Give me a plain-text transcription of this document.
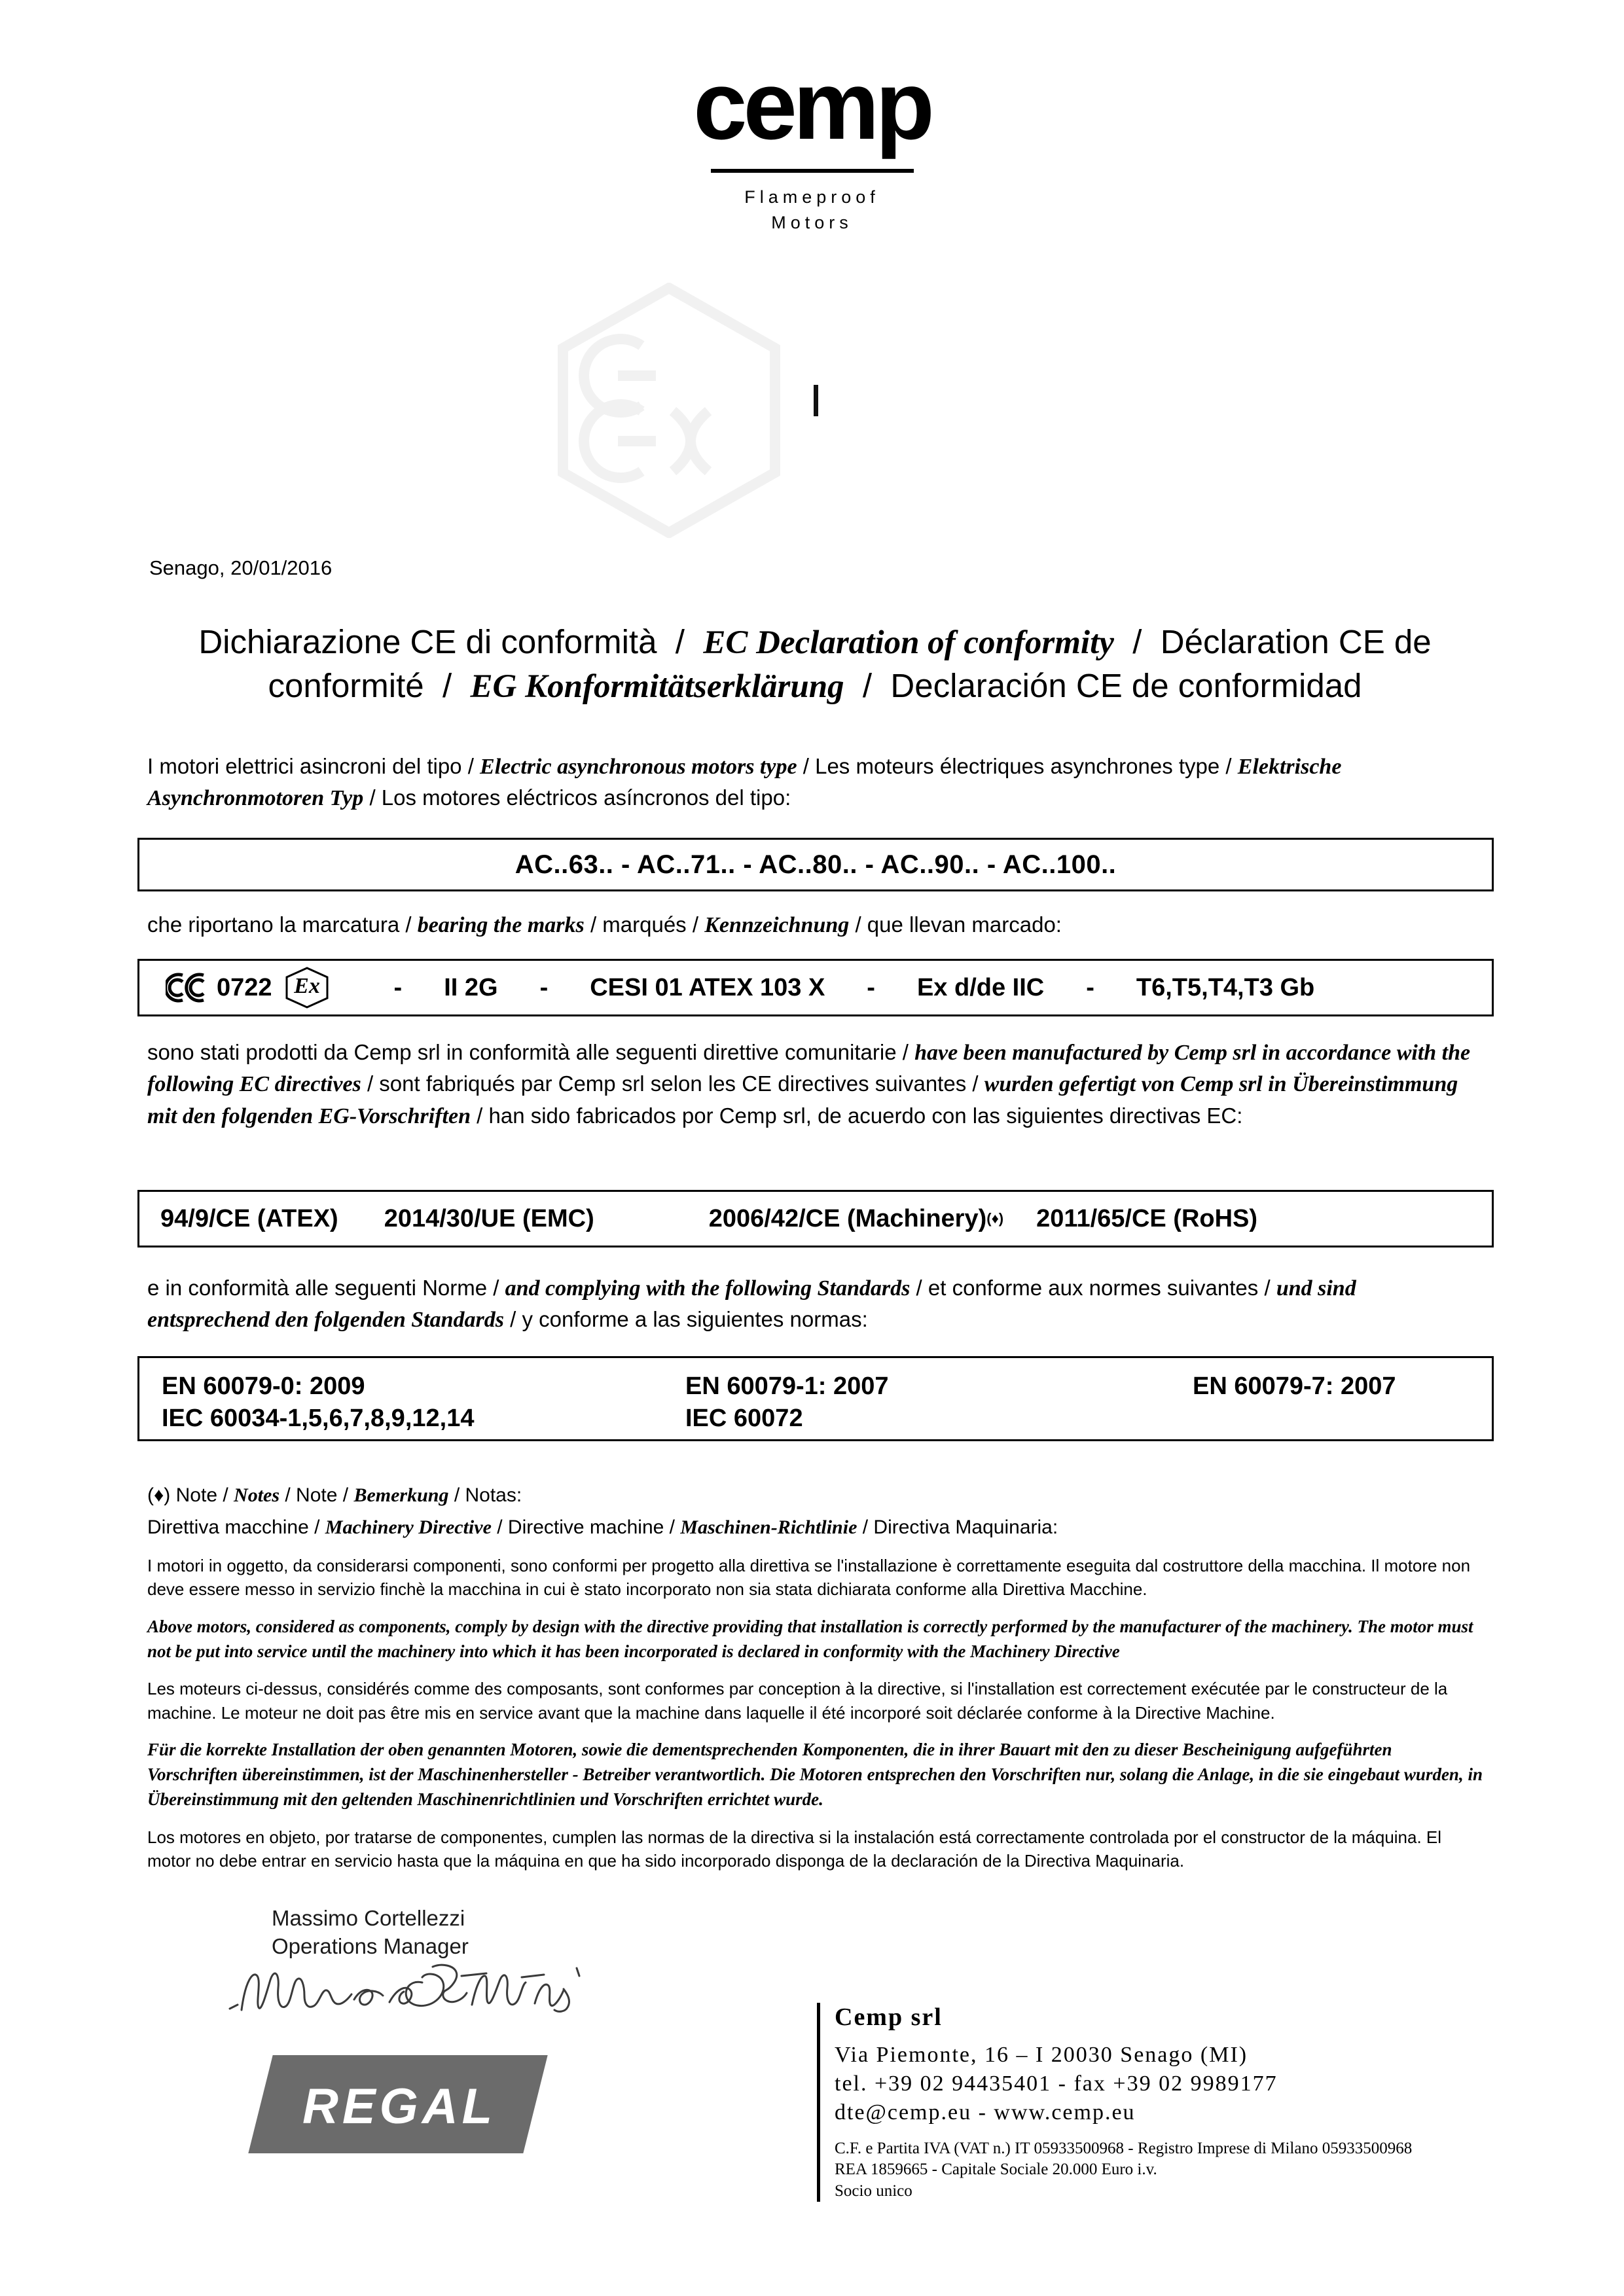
cemp
Flameproof
Motors
Senago, 20/01/2016
Dichiarazione CE di conformità  /  EC Declaration of conformity  /  Déclaration CE de conformité  /  EG Konformitätserklärung  /  Declaración CE de conformidad
I motori elettrici asincroni del tipo / Electric asynchronous motors type / Les moteurs électriques asynchrones type / Elektrische Asynchronmotoren Typ / Los motores eléctricos asíncronos del tipo:
AC..63.. - AC..71.. - AC..80.. - AC..90.. - AC..100..
che riportano la marcatura / bearing the marks / marqués / Kennzeichnung / que llevan marcado:
0722 Ex	- II 2G - CESI 01 ATEX 103 X - Ex d/de IIC - T6,T5,T4,T3 Gb
sono stati prodotti da Cemp srl in conformità alle seguenti direttive comunitarie / have been manufactured by Cemp srl in accordance with the following EC directives / sont fabriqués par Cemp srl selon les CE directives suivantes / wurden gefertigt von Cemp srl in Übereinstimmung mit den folgenden EG-Vorschriften / han sido fabricados por Cemp srl, de acuerdo con las siguientes directivas EC:
94/9/CE (ATEX) 2014/30/UE (EMC)	2006/42/CE (Machinery) (♦) 2011/65/CE (RoHS)
e in conformità alle seguenti Norme / and complying with the following Standards / et conforme aux normes suivantes / und sind entsprechend den folgenden Standards / y conforme a las siguientes normas:
EN 60079-0: 2009	EN 60079-1: 2007	EN 60079-7: 2007
IEC 60034-1,5,6,7,8,9,12,14	IEC 60072
(♦) Note / Notes / Note / Bemerkung / Notas:
Direttiva macchine / Machinery Directive / Directive machine / Maschinen-Richtlinie / Directiva Maquinaria:

I motori in oggetto, da considerarsi componenti, sono conformi per progetto alla direttiva se l'installazione è correttamente eseguita dal costruttore della macchina. Il motore non deve essere messo in servizio finchè la macchina in cui è stato incorporato non sia stata dichiarata conforme alla Direttiva Macchine.

Above motors, considered as components, comply by design with the directive providing that installation is correctly performed by the manufacturer of the machinery. The motor must not be put into service until the machinery into which it has been incorporated is declared in conformity with the Machinery Directive

Les moteurs ci-dessus, considérés comme des composants, sont conformes par conception à la directive, si l'installation est correctement exécutée par le constructeur de la machine. Le moteur ne doit pas être mis en service avant que la machine dans laquelle il été incorporé soit déclarée conforme à la Directive Machine.

Für die korrekte Installation der oben genannten Motoren, sowie die dementsprechenden Komponenten, die in ihrer Bauart mit den zu dieser Bescheinigung aufgeführten Vorschriften übereinstimmen, ist der Maschinenhersteller - Betreiber verantwortlich. Die Motoren entsprechen den Vorschriften nur, solang die Anlage, in die sie eingebaut wurden, in Übereinstimmung mit den geltenden Maschinenrichtlinien und Vorschriften errichtet wurde.

Los motores en objeto, por tratarse de componentes, cumplen las normas de la directiva si la instalación está correctamente controlada por el constructor de la máquina. El motor no debe entrar en servicio hasta que la máquina en que ha sido incorporado disponga de la declaración de la Directiva Maquinaria.

Massimo Cortellezzi
Operations Manager
REGAL
Cemp srl
Via Piemonte, 16 – I 20030 Senago (MI)
tel. +39 02 94435401 - fax +39 02 9989177
dte@cemp.eu - www.cemp.eu
C.F. e Partita IVA (VAT n.) IT 05933500968 - Registro Imprese di Milano 05933500968
REA 1859665 - Capitale Sociale 20.000 Euro i.v.
Socio unico
